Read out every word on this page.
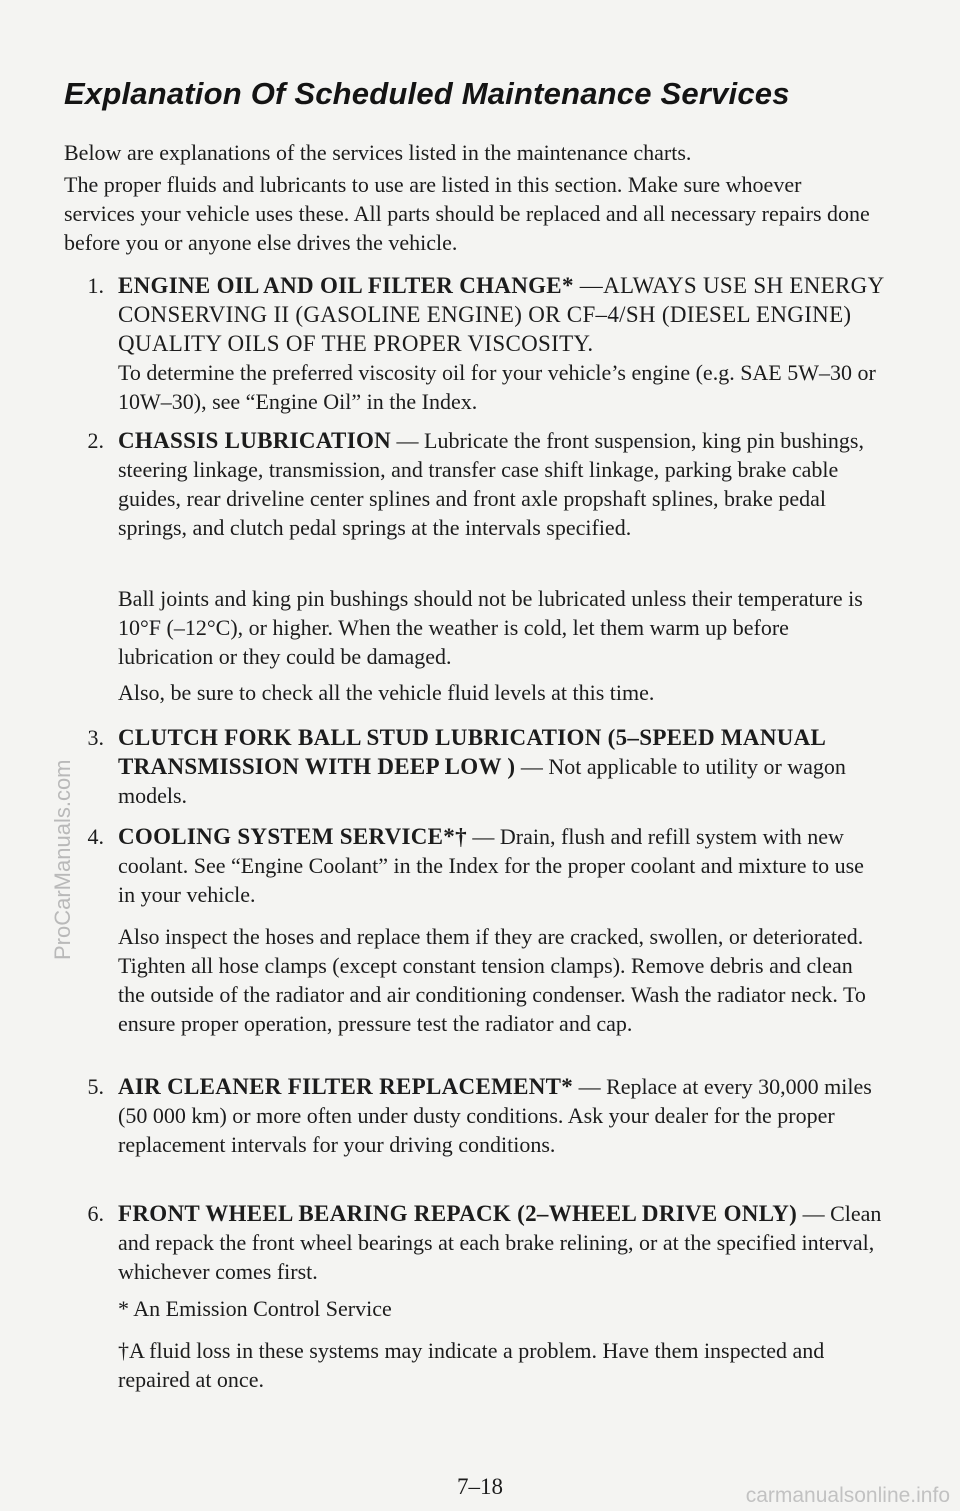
Explanation Of Scheduled Maintenance Services

Below are explanations of the services listed in the maintenance charts.

The proper fluids and lubricants to use are listed in this section. Make sure whoever services your vehicle uses these. All parts should be replaced and all necessary repairs done before you or anyone else drives the vehicle.

1. ENGINE OIL AND OIL FILTER CHANGE* —ALWAYS USE SH ENERGY CONSERVING II (GASOLINE ENGINE) OR CF–4/SH (DIESEL ENGINE) QUALITY OILS OF THE PROPER VISCOSITY.
To determine the preferred viscosity oil for your vehicle’s engine (e.g. SAE 5W–30 or 10W–30), see “Engine Oil” in the Index.
2. CHASSIS LUBRICATION — Lubricate the front suspension, king pin bushings, steering linkage, transmission, and transfer case shift linkage, parking brake cable guides, rear driveline center splines and front axle propshaft splines, brake pedal springs, and clutch pedal springs at the intervals specified.

Ball joints and king pin bushings should not be lubricated unless their temperature is 10°F (–12°C), or higher. When the weather is cold, let them warm up before lubrication or they could be damaged.

Also, be sure to check all the vehicle fluid levels at this time.

3. CLUTCH FORK BALL STUD LUBRICATION (5–SPEED MANUAL TRANSMISSION WITH DEEP LOW ) — Not applicable to utility or wagon models.
4. COOLING SYSTEM SERVICE*† — Drain, flush and refill system with new coolant. See “Engine Coolant” in the Index for the proper coolant and mixture to use in your vehicle.

Also inspect the hoses and replace them if they are cracked, swollen, or deteriorated. Tighten all hose clamps (except constant tension clamps). Remove debris and clean the outside of the radiator and air conditioning condenser. Wash the radiator neck. To ensure proper operation, pressure test the radiator and cap.

5. AIR CLEANER FILTER REPLACEMENT* — Replace at every 30,000 miles (50 000 km) or more often under dusty conditions. Ask your dealer for the proper replacement intervals for your driving conditions.
6. FRONT WHEEL BEARING REPACK (2–WHEEL DRIVE ONLY) — Clean and repack the front wheel bearings at each brake relining, or at the specified interval, whichever comes first.

* An Emission Control Service

†A fluid loss in these systems may indicate a problem. Have them inspected and repaired at once.

7–18
ProCarManuals.com
carmanualsonline.info
